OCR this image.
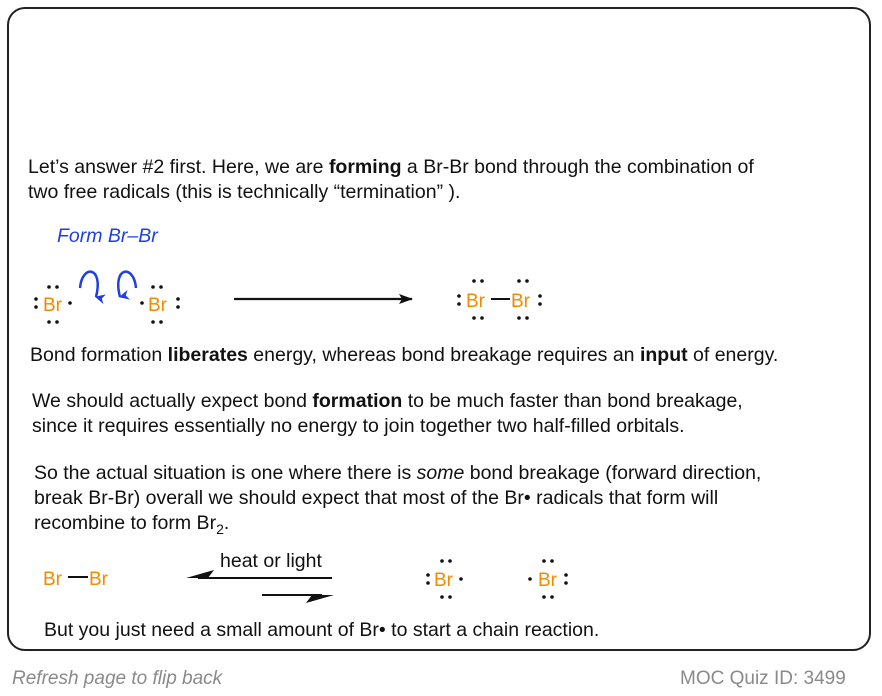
Let’s answer #2 first. Here, we are forming a Br-Br bond through the combination of
two free radicals (this is technically “termination” ).
Form Br–Br
Br	Br	Br Br
Bond formation liberates energy, whereas bond breakage requires an input of energy.
We should actually expect bond formation to be much faster than bond breakage,
since it requires essentially no energy to join together two half-filled orbitals.
So the actual situation is one where there is some bond breakage (forward direction,
break Br-Br) overall we should expect that most of the Br• radicals that form will
recombine to form $Br_2$.
heat or light
Br Br	Br	Br
But you just need a small amount of Br• to start a chain reaction.
Refresh page to flip back	MOC Quiz ID: 3499
